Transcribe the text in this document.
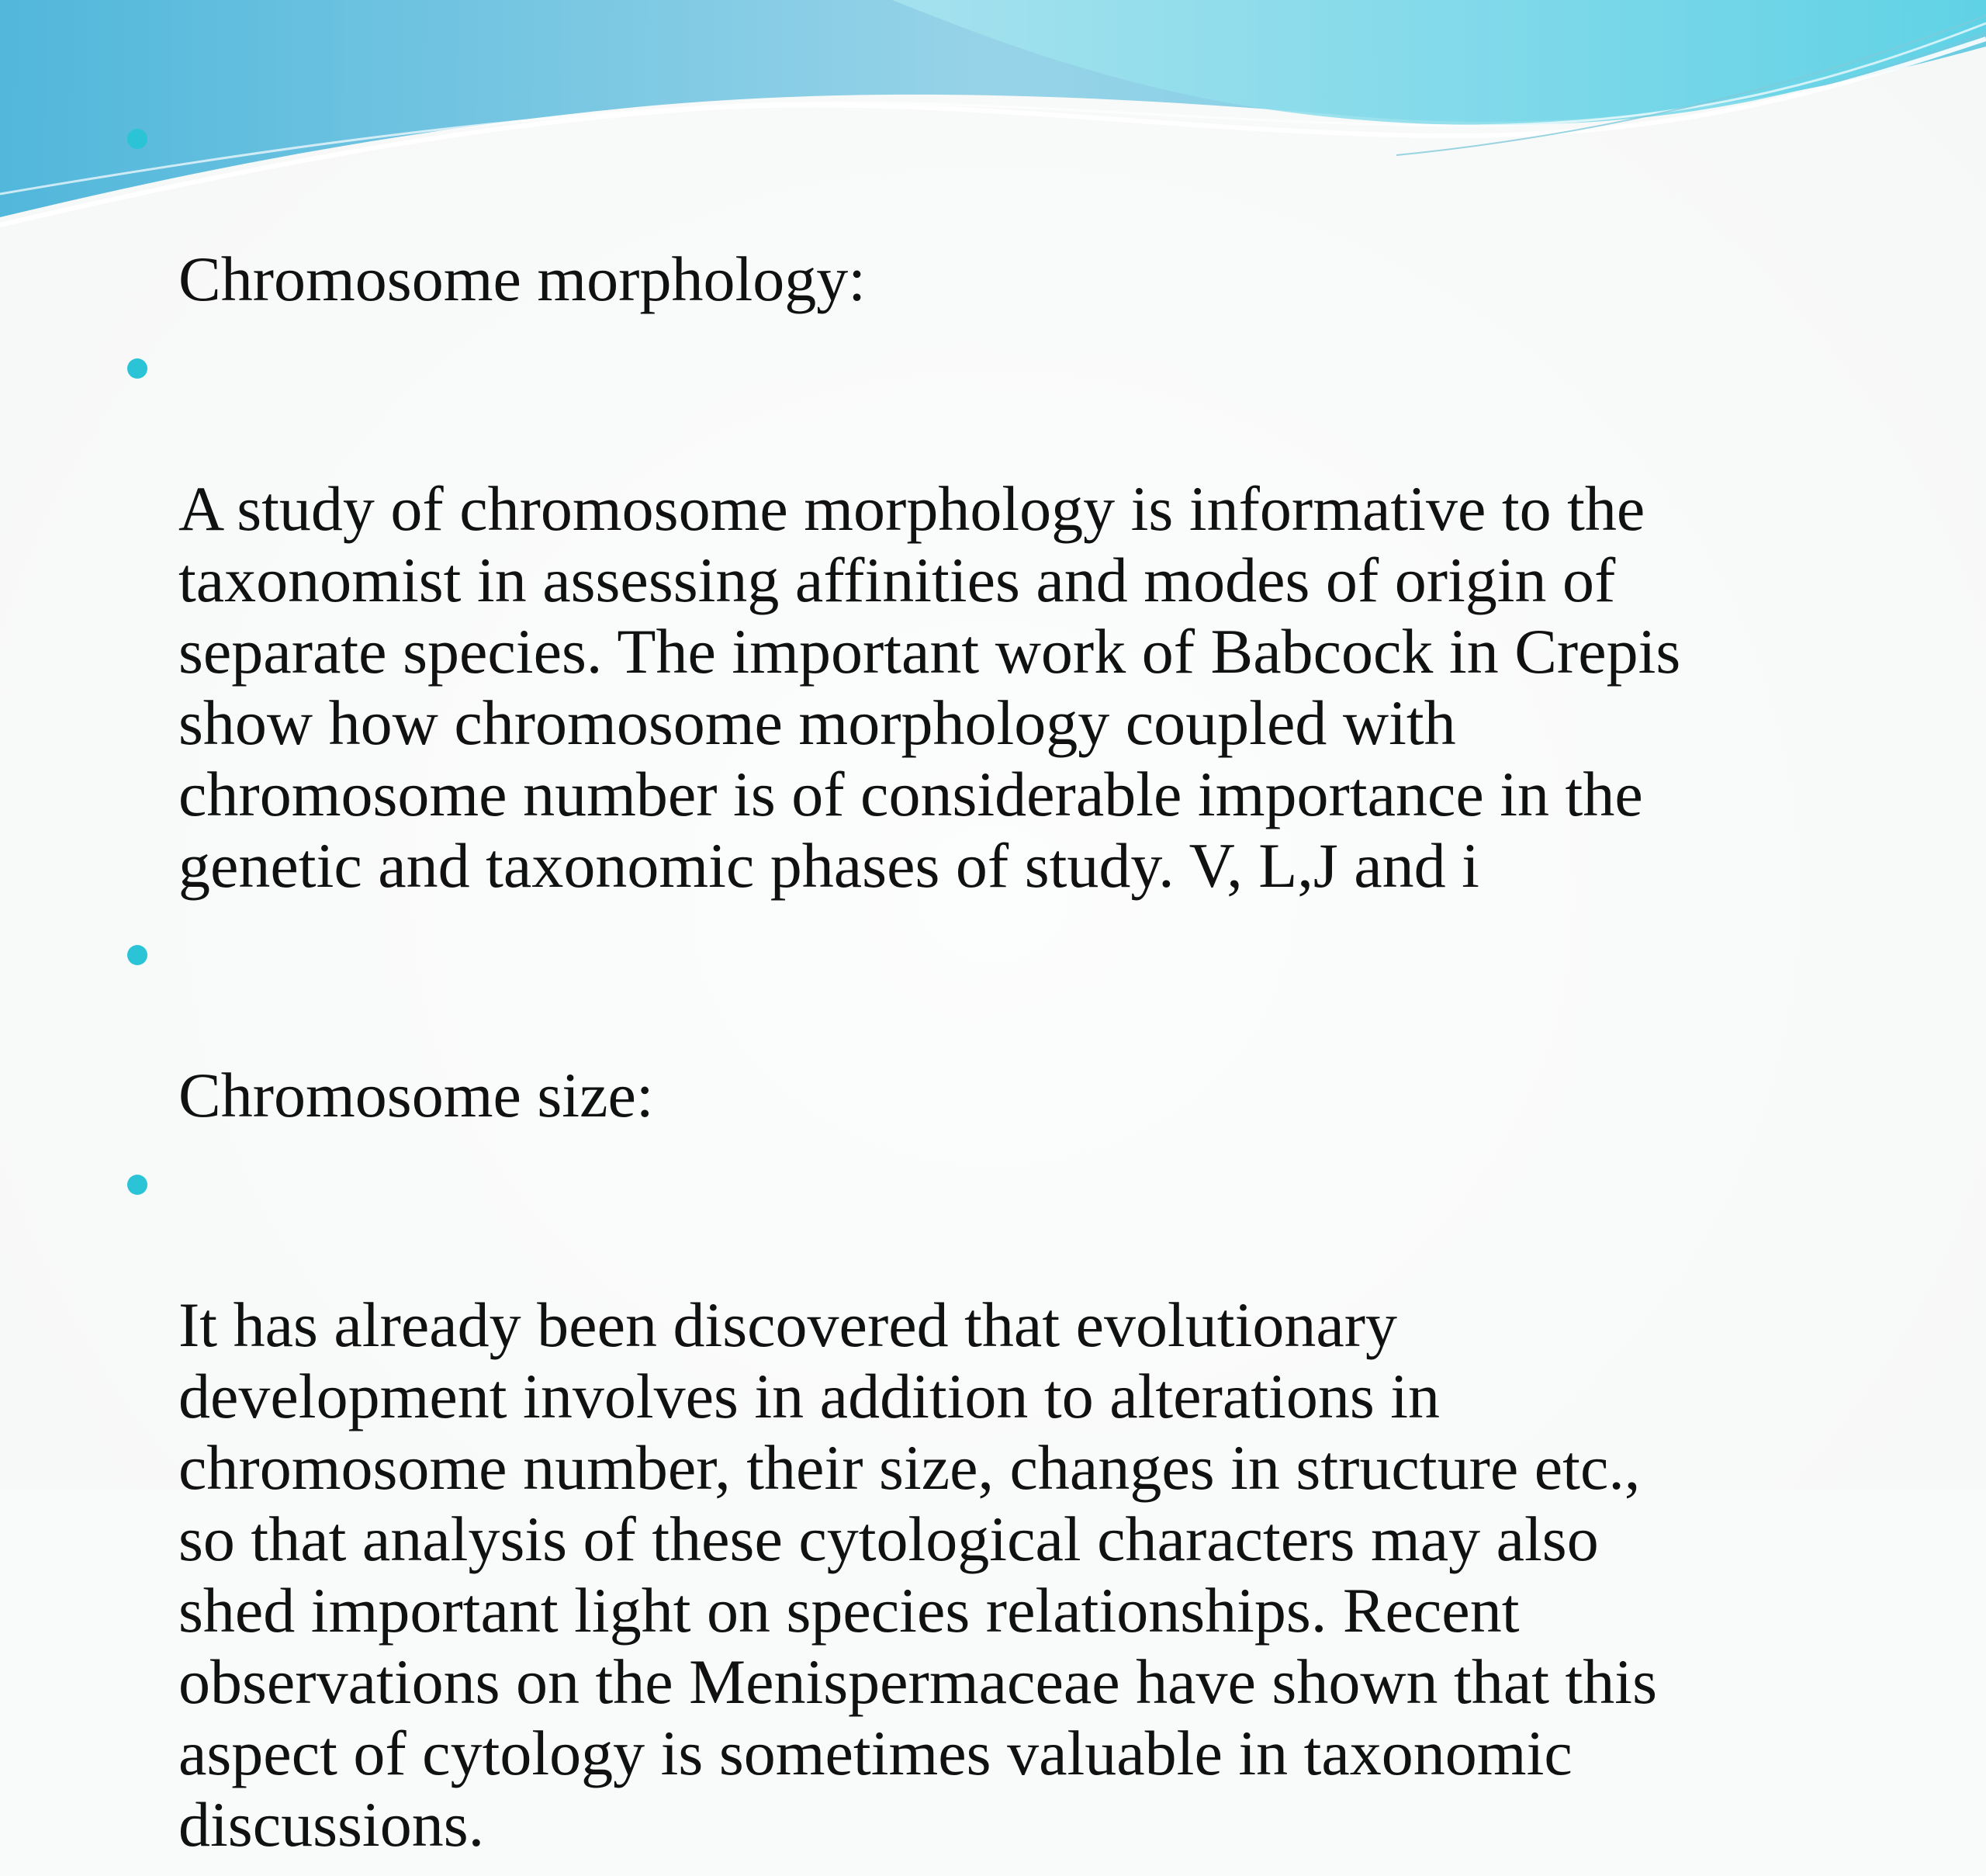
Chromosome morphology:

A study of chromosome morphology is informative to the
taxonomist in assessing affinities and modes of origin of
separate species. The important work of Babcock in Crepis
show how chromosome morphology coupled with
chromosome number is of considerable importance in the
genetic and taxonomic phases of study. V, L,J and i

Chromosome size:

It has already been discovered that evolutionary
development involves in addition to alterations in
chromosome number, their size, changes in structure etc.,
so that analysis of these cytological characters may also
shed important light on species relationships. Recent
observations on the Menispermaceae have shown that this
aspect of cytology is sometimes valuable in taxonomic
discussions.
